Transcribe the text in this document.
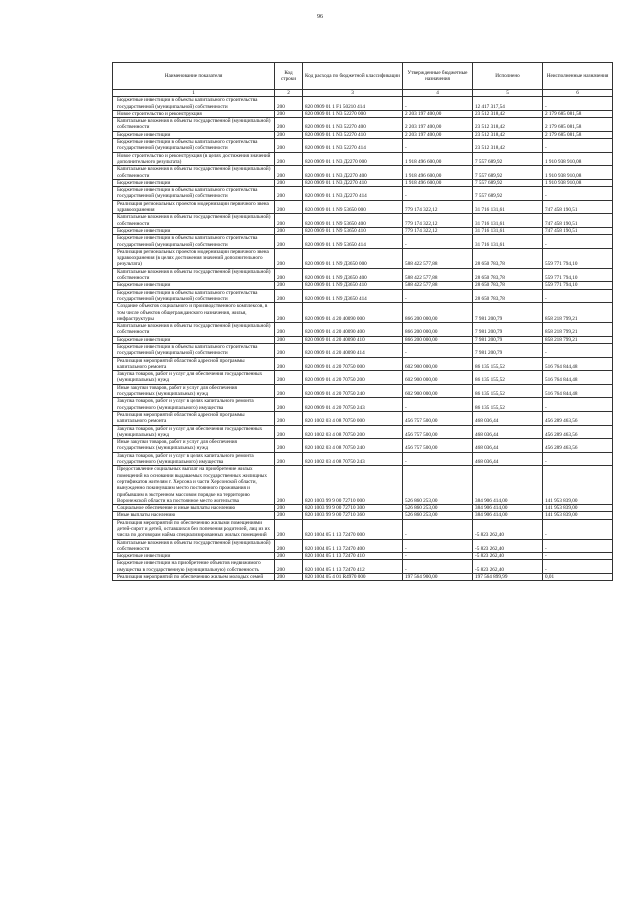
96
Наименование показателя	Код строки	Код расхода по бюджетной классификации	Утвержденные бюджетные назначения	Исполнено	Неисполненные назначения
1	2	3	4	5	6
Бюджетные инвестиции в объекты капитального строительства государственной (муниципальной) собственности	200	820 0909 01 1 F1 50210 414	-	12 417 317,54	-
Новое строительство и реконструкция	200	820 0909 01 1 N3 52270 000	2 203 197 400,00	23 512 318,42	2 179 685 081,58
Капитальные вложения в объекты государственной (муниципальной) собственности	200	820 0909 01 1 N3 52270 400	2 203 197 400,00	23 512 318,42	2 179 685 081,58
Бюджетные инвестиции	200	820 0909 01 1 N3 52270 410	2 203 197 400,00	23 512 318,42	2 179 685 081,58
Бюджетные инвестиции в объекты капитального строительства государственной (муниципальной) собственности	200	820 0909 01 1 N3 52270 414	-	23 512 318,42	-
Новое строительство и реконструкция (в целях достижения значений дополнительного результата)	200	820 0909 01 1 N3 Д2270 000	1 918 496 600,00	7 557 689,92	1 910 938 910,08
Капитальные вложения в объекты государственной (муниципальной) собственности	200	820 0909 01 1 N3 Д2270 400	1 918 496 600,00	7 557 689,92	1 910 938 910,08
Бюджетные инвестиции	200	820 0909 01 1 N3 Д2270 410	1 918 496 600,00	7 557 689,92	1 910 938 910,08
Бюджетные инвестиции в объекты капитального строительства государственной (муниципальной) собственности	200	820 0909 01 1 N3 Д2270 414	-	7 557 689,92	-
Реализация региональных проектов модернизации первичного звена здравоохранения	200	820 0909 01 1 N9 53650 000	779 174 322,12	31 716 131,61	747 458 190,51
Капитальные вложения в объекты государственной (муниципальной) собственности	200	820 0909 01 1 N9 53650 400	779 174 322,12	31 716 131,61	747 458 190,51
Бюджетные инвестиции	200	820 0909 01 1 N9 53650 410	779 174 322,12	31 716 131,61	747 458 190,51
Бюджетные инвестиции в объекты капитального строительства государственной (муниципальной) собственности	200	820 0909 01 1 N9 53650 414	-	31 716 131,61	-
Реализация региональных проектов модернизации первичного звена здравоохранения (в целях достижения значений дополнительного результата)	200	820 0909 01 1 N9 Д3650 000	588 422 577,88	28 650 783,78	559 771 794,10
Капитальные вложения в объекты государственной (муниципальной) собственности	200	820 0909 01 1 N9 Д3650 400	588 422 577,88	28 650 783,78	559 771 794,10
Бюджетные инвестиции	200	820 0909 01 1 N9 Д3650 410	588 422 577,88	28 650 783,78	559 771 794,10
Бюджетные инвестиции в объекты капитального строительства государственной (муниципальной) собственности	200	820 0909 01 1 N9 Д3650 414	-	28 650 783,78	-
Создание объектов социального и производственного комплексов, в том числе объектов общегражданского назначения, жилья, инфраструктуры	200	820 0909 01 4 20 40090 000	866 200 000,00	7 981 200,79	858 218 799,21
Капитальные вложения в объекты государственной (муниципальной) собственности	200	820 0909 01 4 20 40090 400	866 200 000,00	7 981 200,79	858 218 799,21
Бюджетные инвестиции	200	820 0909 01 4 20 40090 410	866 200 000,00	7 981 200,79	858 218 799,21
Бюджетные инвестиции в объекты капитального строительства государственной (муниципальной) собственности	200	820 0909 01 4 20 40090 414	-	7 981 200,79	-
Реализация мероприятий областной адресной программы капитального ремонта	200	820 0909 01 4 20 70750 000	602 900 000,00	86 135 155,52	516 764 844,48
Закупка товаров, работ и услуг для обеспечения государственных (муниципальных) нужд	200	820 0909 01 4 20 70750 200	602 900 000,00	86 135 155,52	516 764 844,48
Иные закупки товаров, работ и услуг для обеспечения государственных (муниципальных) нужд	200	820 0909 01 4 20 70750 240	602 900 000,00	86 135 155,52	516 764 844,48
Закупка товаров, работ и услуг в целях капитального ремонта государственного (муниципального) имущества	200	820 0909 01 4 20 70750 243	-	86 135 155,52	-
Реализация мероприятий областной адресной программы капитального ремонта	200	820 1002 03 4 08 70750 000	456 757 500,00	468 036,44	456 289 463,56
Закупка товаров, работ и услуг для обеспечения государственных (муниципальных) нужд	200	820 1002 03 4 08 70750 200	456 757 500,00	468 036,44	456 289 463,56
Иные закупки товаров, работ и услуг для обеспечения государственных (муниципальных) нужд	200	820 1002 03 4 08 70750 240	456 757 500,00	468 036,44	456 289 463,56
Закупка товаров, работ и услуг в целях капитального ремонта государственного (муниципального) имущества	200	820 1002 03 4 08 70750 243	-	468 036,44	-
Предоставление социальных выплат на приобретение жилых помещений на основании выдаваемых государственных жилищных сертификатов жителям г. Херсона и части Херсонской области, вынужденно покинувшим место постоянного проживания и прибывшим в экстренном массовом порядке на территорию Воронежской области на постоянное место жительства	200	820 1003 99 9 00 72710 000	526 860 253,00	384 906 414,00	141 953 839,00
Социальное обеспечение и иные выплаты населению	200	820 1003 99 9 00 72710 300	526 860 253,00	384 906 414,00	141 953 839,00
Иные выплаты населению	200	820 1003 99 9 00 72710 360	526 860 253,00	384 906 414,00	141 953 839,00
Реализация мероприятий по обеспечению жилыми помещениями детей-сирот и детей, оставшихся без попечения родителей, лиц из их числа по договорам найма специализированных жилых помещений	200	820 1004 05 1 13 72470 000	-	-5 823 262,40	-
Капитальные вложения в объекты государственной (муниципальной) собственности	200	820 1004 05 1 13 72470 400	-	-5 823 262,40	-
Бюджетные инвестиции	200	820 1004 05 1 13 72470 410	-	-5 823 262,40	-
Бюджетные инвестиции на приобретение объектов недвижимого имущества в государственную (муниципальную) собственность	200	820 1004 05 1 13 72470 412	-	-5 823 262,40	-
Реализация мероприятий по обеспечению жильем молодых семей	200	820 1004 05 4 01 R4970 000	197 564 900,00	197 564 899,99	0,01
